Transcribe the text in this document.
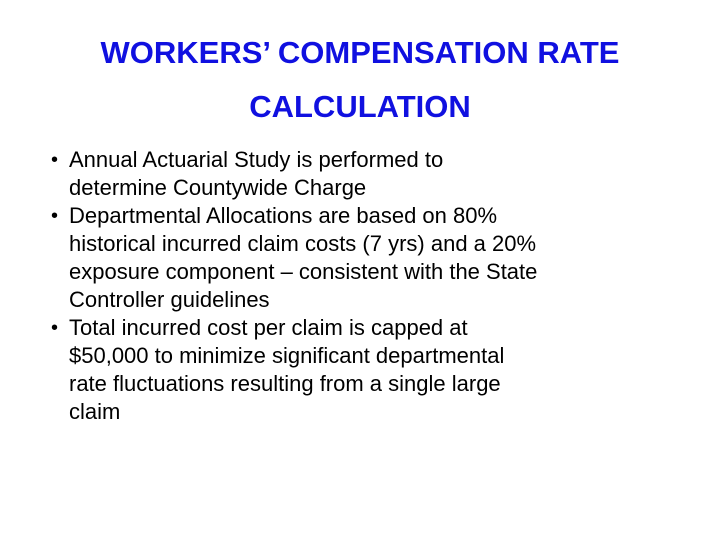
WORKERS’ COMPENSATION RATE
CALCULATION
• Annual Actuarial Study is performed to
determine Countywide Charge
• Departmental Allocations are based on 80%
historical incurred claim costs (7 yrs) and a 20%
exposure component – consistent with the State
Controller guidelines
• Total incurred cost per claim is capped at
$50,000 to minimize significant departmental
rate fluctuations resulting from a single large
claim
